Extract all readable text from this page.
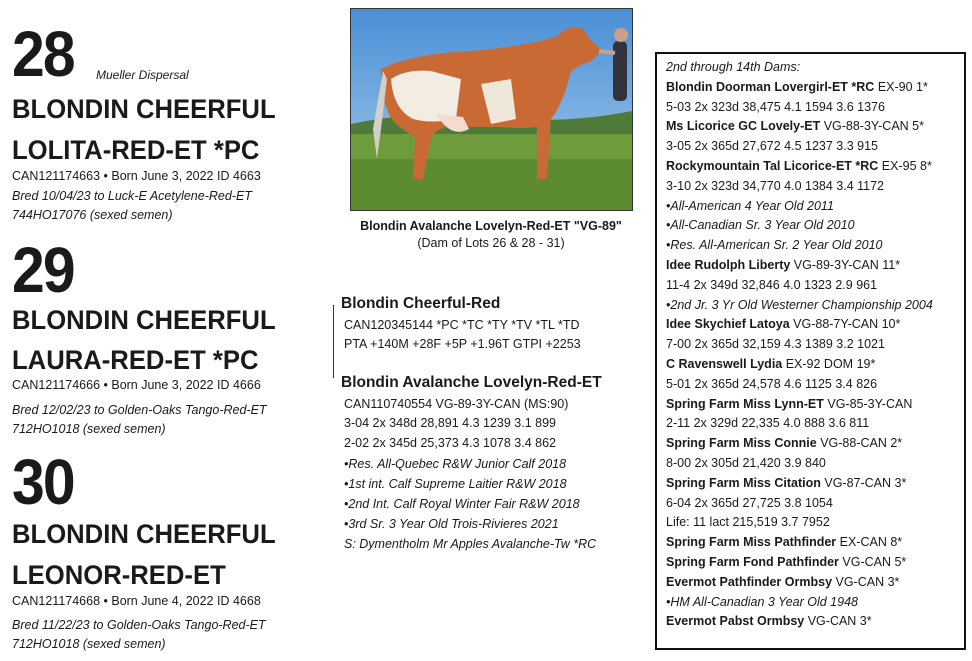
28 Mueller Dispersal
BLONDIN CHEERFUL
LOLITA-RED-ET *PC
CAN121174663 • Born June 3, 2022 ID 4663
Bred 10/04/23 to Luck-E Acetylene-Red-ET
744HO17076 (sexed semen)
29
BLONDIN CHEERFUL
LAURA-RED-ET *PC
CAN121174666 • Born June 3, 2022 ID 4666
Bred 12/02/23 to Golden-Oaks Tango-Red-ET
712HO1018 (sexed semen)
30
BLONDIN CHEERFUL
LEONOR-RED-ET
CAN121174668 • Born June 4, 2022 ID 4668
Bred 11/22/23 to Golden-Oaks Tango-Red-ET
712HO1018 (sexed semen)
Blondin Avalanche Lovelyn-Red-ET "VG-89"
(Dam of Lots 26 & 28 - 31)
Blondin Cheerful-Red
CAN120345144 *PC *TC *TY *TV *TL *TD
PTA +140M +28F +5P +1.96T GTPI +2253
Blondin Avalanche Lovelyn-Red-ET
CAN110740554 VG-89-3Y-CAN (MS:90)
3-04 2x 348d 28,891 4.3 1239 3.1 899
2-02 2x 345d 25,373 4.3 1078 3.4 862
•Res. All-Quebec R&W Junior Calf 2018
•1st int. Calf Supreme Laitier R&W 2018
•2nd Int. Calf Royal Winter Fair R&W 2018
•3rd Sr. 3 Year Old Trois-Rivieres 2021
S: Dymentholm Mr Apples Avalanche-Tw *RC
2nd through 14th Dams:
Blondin Doorman Lovergirl-ET *RC EX-90 1*
5-03 2x 323d 38,475 4.1 1594 3.6 1376
Ms Licorice GC Lovely-ET VG-88-3Y-CAN 5*
3-05 2x 365d 27,672 4.5 1237 3.3 915
Rockymountain Tal Licorice-ET *RC EX-95 8*
3-10 2x 323d 34,770 4.0 1384 3.4 1172
•All-American 4 Year Old 2011
•All-Canadian Sr. 3 Year Old 2010
•Res. All-American Sr. 2 Year Old 2010
Idee Rudolph Liberty VG-89-3Y-CAN 11*
11-4 2x 349d 32,846 4.0 1323 2.9 961
•2nd Jr. 3 Yr Old Westerner Championship 2004
Idee Skychief Latoya VG-88-7Y-CAN 10*
7-00 2x 365d 32,159 4.3 1389 3.2 1021
C Ravenswell Lydia EX-92 DOM 19*
5-01 2x 365d 24,578 4.6 1125 3.4 826
Spring Farm Miss Lynn-ET VG-85-3Y-CAN
2-11 2x 329d 22,335 4.0 888 3.6 811
Spring Farm Miss Connie VG-88-CAN 2*
8-00 2x 305d 21,420 3.9 840
Spring Farm Miss Citation VG-87-CAN 3*
6-04 2x 365d 27,725 3.8 1054
Life: 11 lact 215,519 3.7 7952
Spring Farm Miss Pathfinder EX-CAN 8*
Spring Farm Fond Pathfinder VG-CAN 5*
Evermot Pathfinder Ormbsy VG-CAN 3*
•HM All-Canadian 3 Year Old 1948
Evermot Pabst Ormbsy VG-CAN 3*
